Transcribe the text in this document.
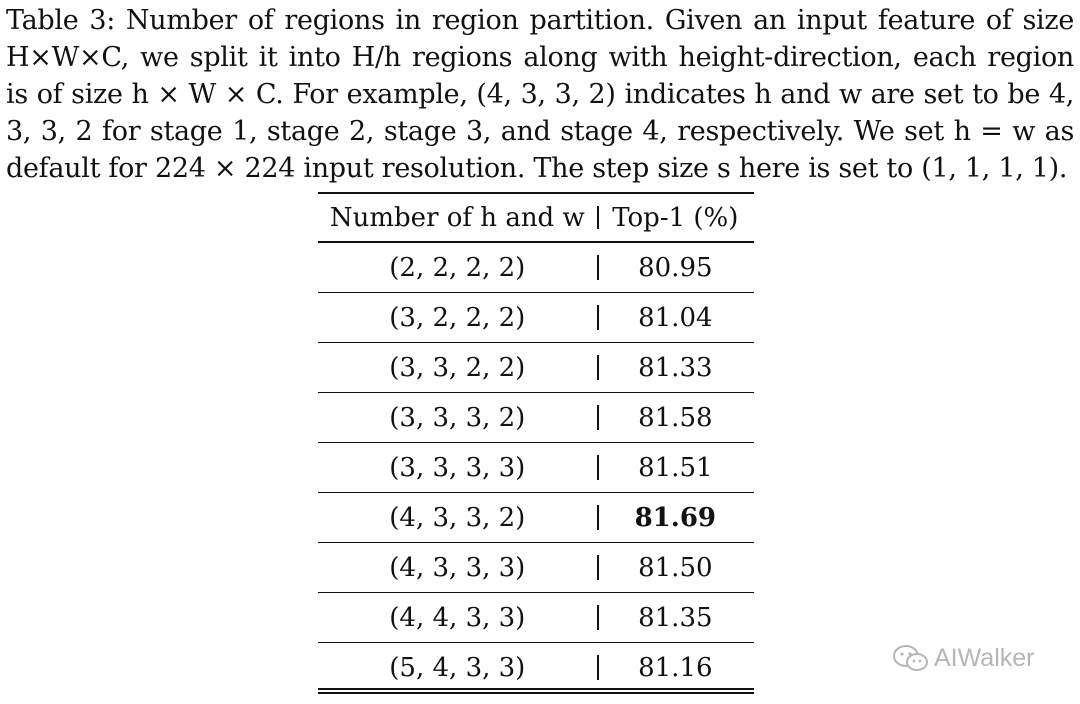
Table 3: Number of regions in region partition. Given an input feature of size
H×W×C, we split it into H/h regions along with height-direction, each region
is of size h × W × C. For example, (4, 3, 3, 2) indicates h and w are set to be 4,
3, 3, 2 for stage 1, stage 2, stage 3, and stage 4, respectively. We set h = w as
default for 224 × 224 input resolution. The step size s here is set to (1, 1, 1, 1).
Number of h and w	Top-1 (%)
(2, 2, 2, 2)	80.95
(3, 2, 2, 2)	81.04
(3, 3, 2, 2)	81.33
(3, 3, 3, 2)	81.58
(3, 3, 3, 3)	81.51
(4, 3, 3, 2)	81.69
(4, 3, 3, 3)	81.50
(4, 4, 3, 3)	81.35
(5, 4, 3, 3)	81.16	AIWalker
